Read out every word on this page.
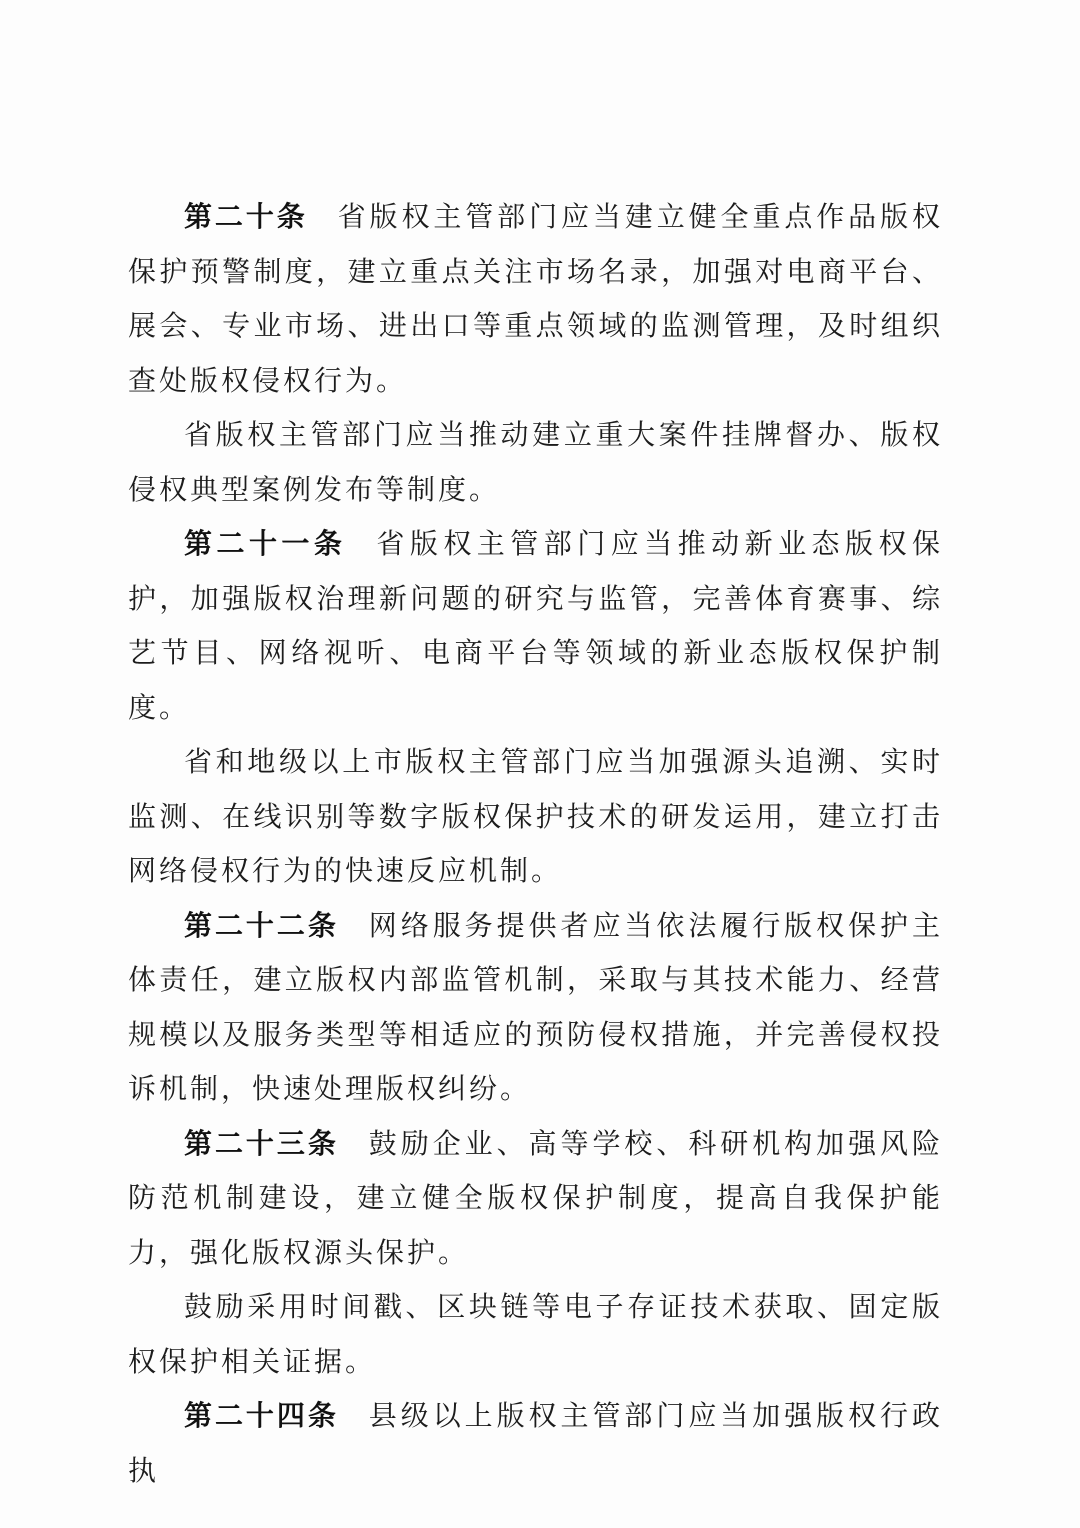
第二十条 省版权主管部门应当建立健全重点作品版权保护预警制度，建立重点关注市场名录，加强对电商平台、展会、专业市场、进出口等重点领域的监测管理，及时组织查处版权侵权行为。

省版权主管部门应当推动建立重大案件挂牌督办、版权侵权典型案例发布等制度。

第二十一条 省版权主管部门应当推动新业态版权保护，加强版权治理新问题的研究与监管，完善体育赛事、综艺节目、网络视听、电商平台等领域的新业态版权保护制度。

省和地级以上市版权主管部门应当加强源头追溯、实时监测、在线识别等数字版权保护技术的研发运用，建立打击网络侵权行为的快速反应机制。

第二十二条 网络服务提供者应当依法履行版权保护主体责任，建立版权内部监管机制，采取与其技术能力、经营规模以及服务类型等相适应的预防侵权措施，并完善侵权投诉机制，快速处理版权纠纷。

第二十三条 鼓励企业、高等学校、科研机构加强风险防范机制建设，建立健全版权保护制度，提高自我保护能力，强化版权源头保护。

鼓励采用时间戳、区块链等电子存证技术获取、固定版权保护相关证据。

第二十四条 县级以上版权主管部门应当加强版权行政执
